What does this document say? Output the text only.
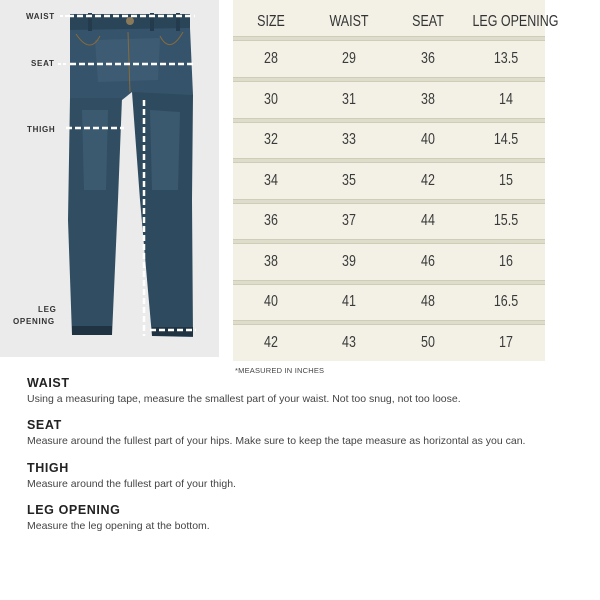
WAIST
SEAT
THIGH
LEG
OPENING
SIZE	WAIST	SEAT	LEG OPENING
28	29	36	13.5
30	31	38	14
32	33	40	14.5
34	35	42	15
36	37	44	15.5
38	39	46	16
40	41	48	16.5
42	43	50	17
*MEASURED IN INCHES
WAIST
Using a measuring tape, measure the smallest part of your waist. Not too snug, not too loose.
SEAT
Measure around the fullest part of your hips. Make sure to keep the tape measure as horizontal as you can.
THIGH
Measure around the fullest part of your thigh.
LEG OPENING
Measure the leg opening at the bottom.
